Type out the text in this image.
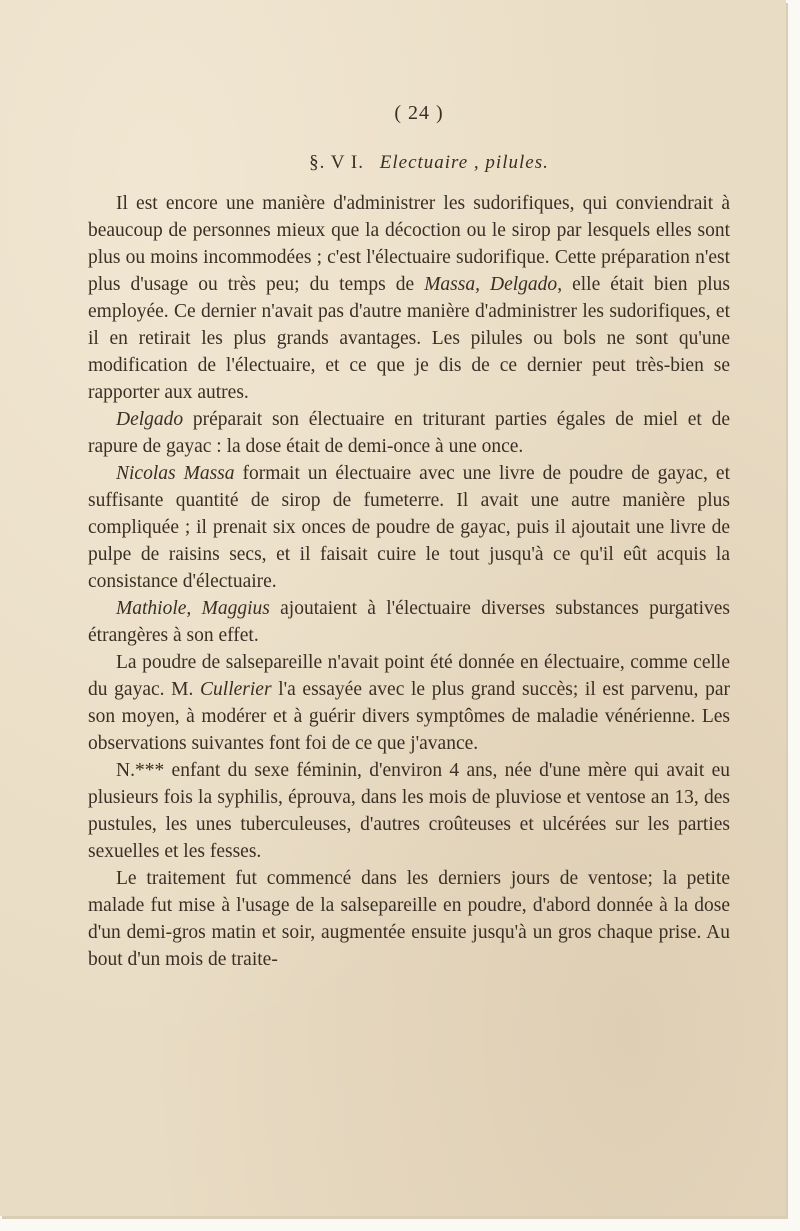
( 24 )
§. V I. Electuaire , pilules.

Il est encore une manière d'administrer les sudorifiques, qui conviendrait à beaucoup de personnes mieux que la décoction ou le sirop par lesquels elles sont plus ou moins incommodées ; c'est l'électuaire sudorifique. Cette préparation n'est plus d'usage ou très peu; du temps de Massa, Delgado, elle était bien plus employée. Ce dernier n'avait pas d'autre manière d'administrer les sudorifiques, et il en retirait les plus grands avantages. Les pilules ou bols ne sont qu'une modification de l'électuaire, et ce que je dis de ce dernier peut très-bien se rapporter aux autres.

Delgado préparait son électuaire en triturant parties égales de miel et de rapure de gayac : la dose était de demi-once à une once.

Nicolas Massa formait un électuaire avec une livre de poudre de gayac, et suffisante quantité de sirop de fumeterre. Il avait une autre manière plus compliquée ; il prenait six onces de poudre de gayac, puis il ajoutait une livre de pulpe de raisins secs, et il faisait cuire le tout jusqu'à ce qu'il eût acquis la consistance d'électuaire.

Mathiole, Maggius ajoutaient à l'électuaire diverses substances purgatives étrangères à son effet.

La poudre de salsepareille n'avait point été donnée en électuaire, comme celle du gayac. M. Cullerier l'a essayée avec le plus grand succès; il est parvenu, par son moyen, à modérer et à guérir divers symptômes de maladie vénérienne. Les observations suivantes font foi de ce que j'avance.

N.*** enfant du sexe féminin, d'environ 4 ans, née d'une mère qui avait eu plusieurs fois la syphilis, éprouva, dans les mois de pluviose et ventose an 13, des pustules, les unes tuberculeuses, d'autres croûteuses et ulcérées sur les parties sexuelles et les fesses.

Le traitement fut commencé dans les derniers jours de ventose; la petite malade fut mise à l'usage de la salsepareille en poudre, d'abord donnée à la dose d'un demi-gros matin et soir, augmentée ensuite jusqu'à un gros chaque prise. Au bout d'un mois de traite-
